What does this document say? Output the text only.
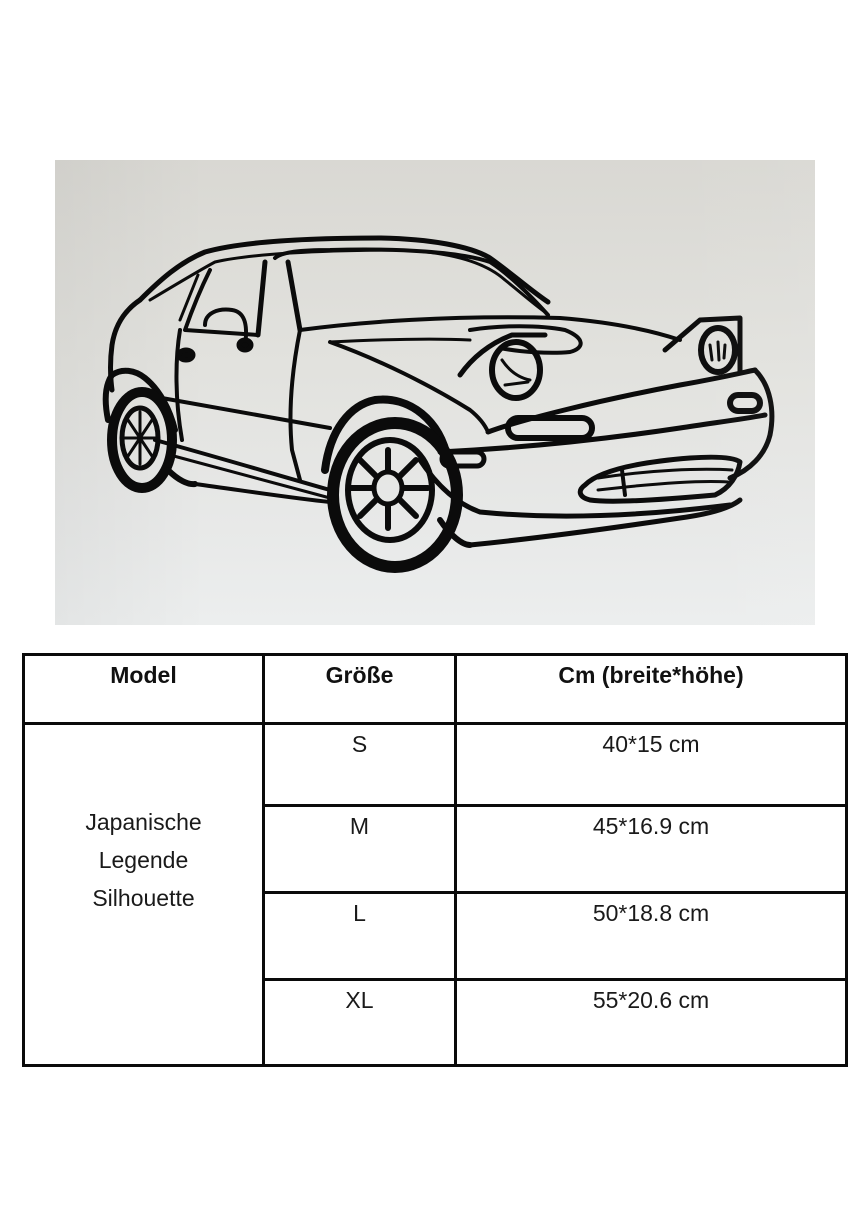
Model	Größe	Cm (breite*höhe)

Japanische
Legende
Silhouette	S	40*15 cm
	M	45*16.9 cm
	L	50*18.8 cm
	XL	55*20.6 cm
